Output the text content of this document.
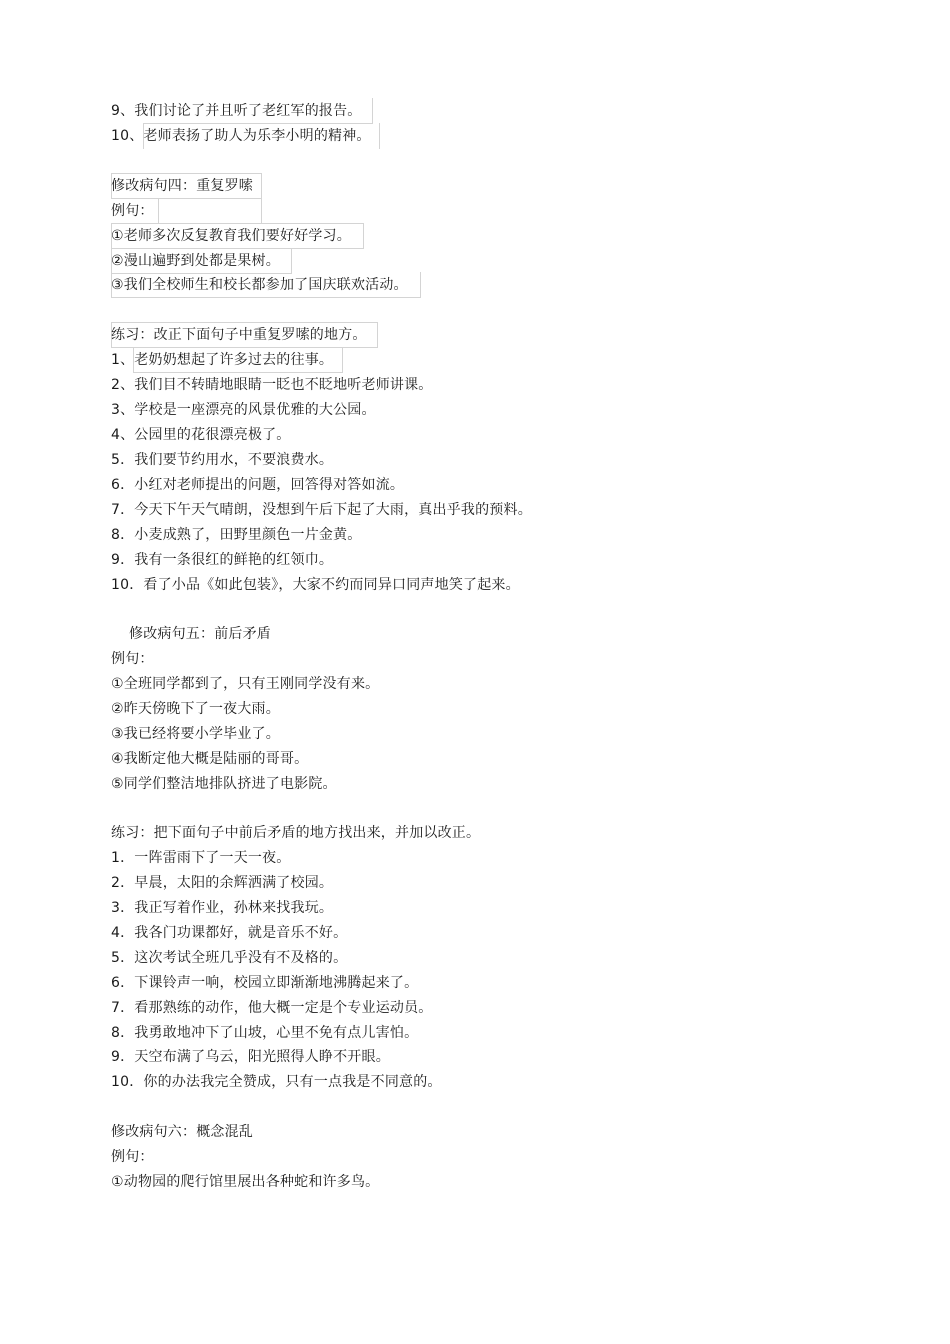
9、我们讨论了并且听了老红军的报告。
10、老师表扬了助人为乐李小明的精神。
修改病句四：重复罗嗦
例句：
①老师多次反复教育我们要好好学习。
②漫山遍野到处都是果树。
③我们全校师生和校长都参加了国庆联欢活动。
练习：改正下面句子中重复罗嗦的地方。
1、老奶奶想起了许多过去的往事。
2、我们目不转睛地眼睛一眨也不眨地听老师讲课。
3、学校是一座漂亮的风景优雅的大公园。
4、公园里的花很漂亮极了。
5．我们要节约用水，不要浪费水。
6．小红对老师提出的问题，回答得对答如流。
7．今天下午天气晴朗，没想到午后下起了大雨，真出乎我的预料。
8．小麦成熟了，田野里颜色一片金黄。
9．我有一条很红的鲜艳的红领巾。
10．看了小品《如此包装》，大家不约而同异口同声地笑了起来。
修改病句五：前后矛盾
例句：
①全班同学都到了，只有王刚同学没有来。
②昨天傍晚下了一夜大雨。
③我已经将要小学毕业了。
④我断定他大概是陆丽的哥哥。
⑤同学们整洁地排队挤进了电影院。
练习：把下面句子中前后矛盾的地方找出来，并加以改正。
1．一阵雷雨下了一天一夜。
2．早晨，太阳的余辉洒满了校园。
3．我正写着作业，孙林来找我玩。
4．我各门功课都好，就是音乐不好。
5．这次考试全班几乎没有不及格的。
6．下课铃声一响，校园立即渐渐地沸腾起来了。
7．看那熟练的动作，他大概一定是个专业运动员。
8．我勇敢地冲下了山坡，心里不免有点儿害怕。
9．天空布满了乌云，阳光照得人睁不开眼。
10．你的办法我完全赞成，只有一点我是不同意的。
修改病句六：概念混乱
例句：
①动物园的爬行馆里展出各种蛇和许多鸟。
